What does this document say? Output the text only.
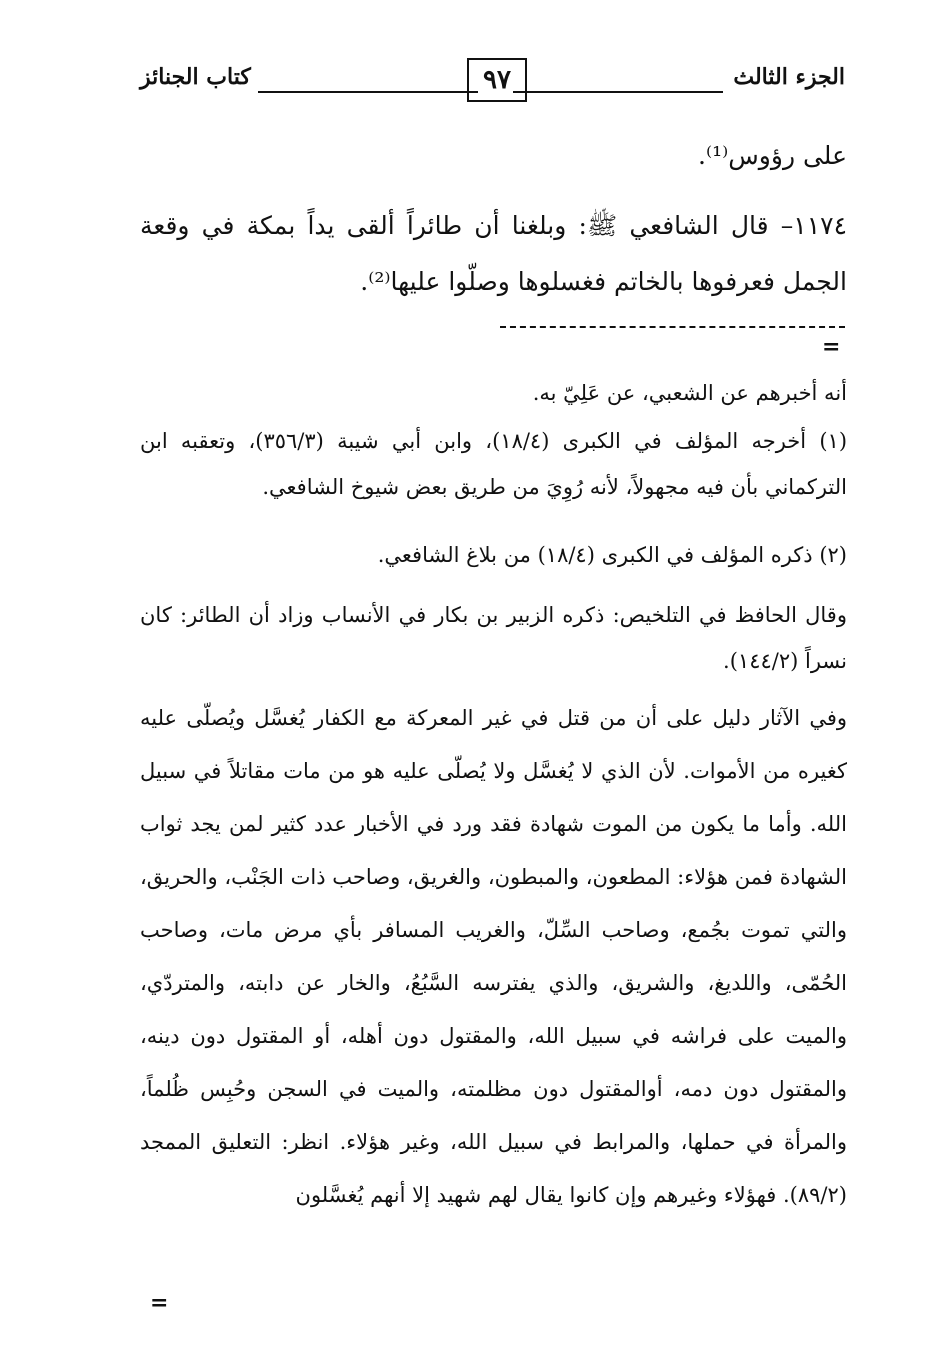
الجزء الثالث
٩٧
كتاب الجنائز
على رؤوس⁽¹⁾.
١١٧٤– قال الشافعي ﷺ: وبلغنا أن طائراً ألقى يداً بمكة في وقعة الجمل فعرفوها بالخاتم فغسلوها وصلّوا عليها⁽²⁾.
=
أنه أخبرهم عن الشعبي، عن عَلِيّ به.
(١) أخرجه المؤلف في الكبرى (١٨/٤)، وابن أبي شيبة (٣٥٦/٣)، وتعقبه ابن التركماني بأن فيه مجهولاً، لأنه رُوِيَ من طريق بعض شيوخ الشافعي.
(٢) ذكره المؤلف في الكبرى (١٨/٤) من بلاغ الشافعي.
وقال الحافظ في التلخيص: ذكره الزبير بن بكار في الأنساب وزاد أن الطائر: كان نسراً (١٤٤/٢).
وفي الآثار دليل على أن من قتل في غير المعركة مع الكفار يُغسَّل ويُصلّى عليه كغيره من الأموات. لأن الذي لا يُغسَّل ولا يُصلّى عليه هو من مات مقاتلاً في سبيل الله. وأما ما يكون من الموت شهادة فقد ورد في الأخبار عدد كثير لمن يجد ثواب الشهادة فمن هؤلاء: المطعون، والمبطون، والغريق، وصاحب ذات الجَنْب، والحريق، والتي تموت بجُمع، وصاحب السِّلّ، والغريب المسافر بأي مرض مات، وصاحب الحُمّى، واللديغ، والشريق، والذي يفترسه السَّبُعُ، والخار عن دابته، والمتردّي، والميت على فراشه في سبيل الله، والمقتول دون أهله، أو المقتول دون دينه، والمقتول دون دمه، أوالمقتول دون مظلمته، والميت في السجن وحُبِس ظُلماً، والمرأة في حملها، والمرابط في سبيل الله، وغير هؤلاء. انظر: التعليق الممجد (٨٩/٢). فهؤلاء وغيرهم وإن كانوا يقال لهم شهيد إلا أنهم يُغسَّلون
=
